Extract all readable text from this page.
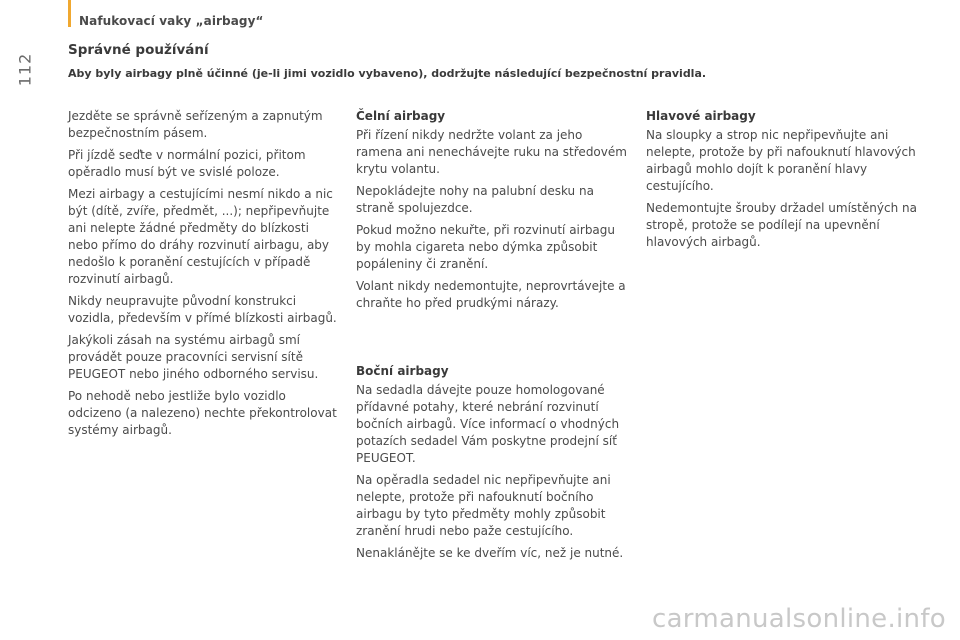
Nafukovací vaky „airbagy“
112
Správné používání
Aby byly airbagy plně účinné (je-li jimi vozidlo vybaveno), dodržujte následující bezpečnostní pravidla.

Jezděte se správně seřízeným a zapnutým bezpečnostním pásem.

Při jízdě seďte v normální pozici, přitom opěradlo musí být ve svislé poloze.

Mezi airbagy a cestujícími nesmí nikdo a nic být (dítě, zvíře, předmět, ...); nepřipevňujte ani nelepte žádné předměty do blízkosti nebo přímo do dráhy rozvinutí airbagu, aby nedošlo k poranění cestujících v případě rozvinutí airbagů.

Nikdy neupravujte původní konstrukci vozidla, především v přímé blízkosti airbagů.

Jakýkoli zásah na systému airbagů smí provádět pouze pracovníci servisní sítě PEUGEOT nebo jiného odborného servisu.

Po nehodě nebo jestliže bylo vozidlo odcizeno (a nalezeno) nechte překontrolovat systémy airbagů.

Čelní airbagy

Při řízení nikdy nedržte volant za jeho ramena ani nenechávejte ruku na středovém krytu volantu.

Nepokládejte nohy na palubní desku na straně spolujezdce.

Pokud možno nekuřte, při rozvinutí airbagu by mohla cigareta nebo dýmka způsobit popáleniny či zranění.

Volant nikdy nedemontujte, neprovrtávejte a chraňte ho před prudkými nárazy.

Boční airbagy

Na sedadla dávejte pouze homologované přídavné potahy, které nebrání rozvinutí bočních airbagů. Více informací o vhodných potazích sedadel Vám poskytne prodejní síť PEUGEOT.

Na opěradla sedadel nic nepřipevňujte ani nelepte, protože při nafouknutí bočního airbagu by tyto předměty mohly způsobit zranění hrudi nebo paže cestujícího.

Nenaklánějte se ke dveřím víc, než je nutné.

Hlavové airbagy

Na sloupky a strop nic nepřipevňujte ani nelepte, protože by při nafouknutí hlavových airbagů mohlo dojít k poranění hlavy cestujícího.

Nedemontujte šrouby držadel umístěných na stropě, protože se podílejí na upevnění hlavových airbagů.

carmanualsonline.info
